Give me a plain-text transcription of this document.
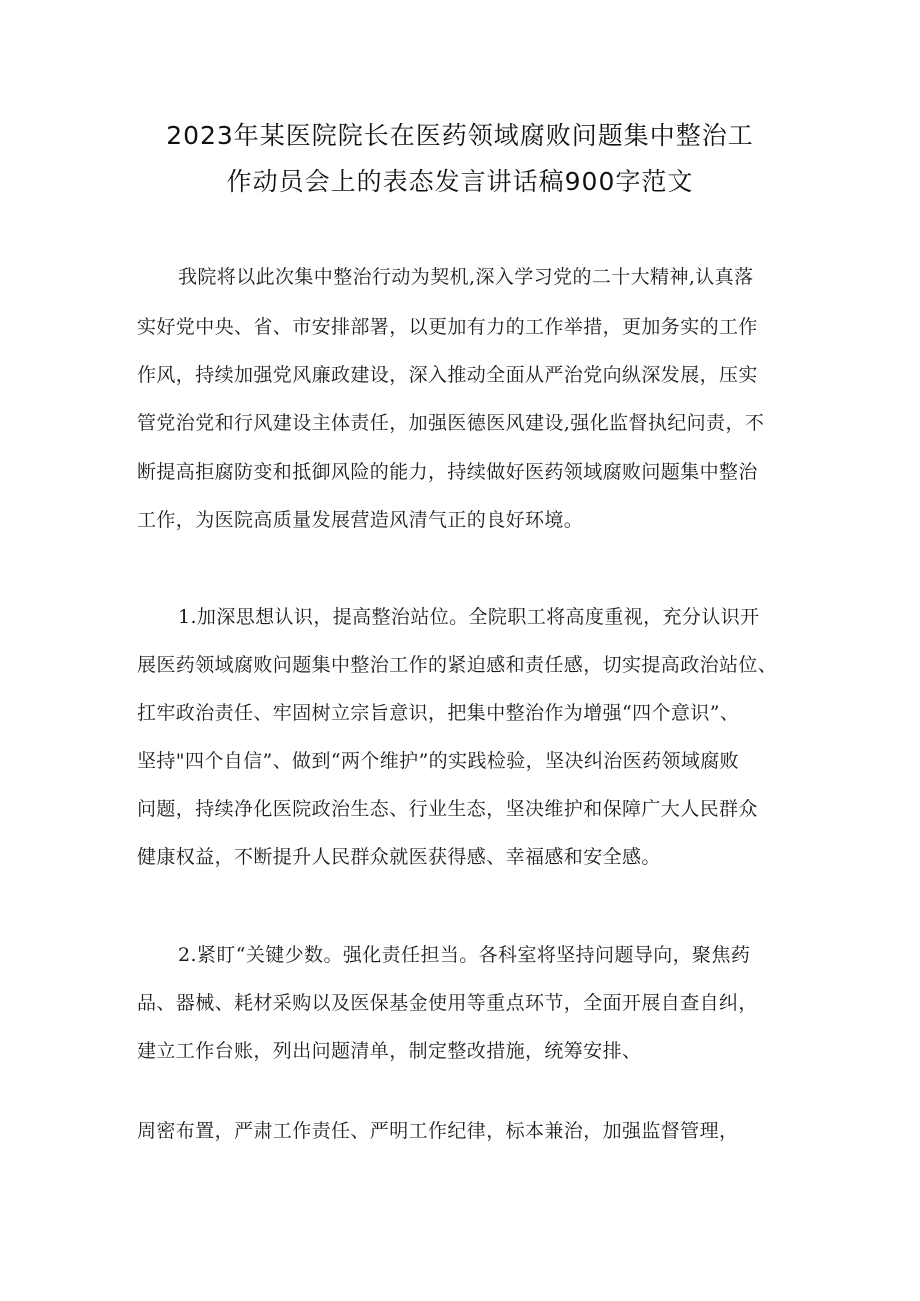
2023年某医院院长在医药领域腐败问题集中整治工
作动员会上的表态发言讲话稿900字范文
我院将以此次集中整治行动为契机,深入学习党的二十大精神,认真落
实好党中央、省、市安排部署，以更加有力的工作举措，更加务实的工作
作风，持续加强党风廉政建设，深入推动全面从严治党向纵深发展，压实
管党治党和行风建设主体责任，加强医德医风建设,强化监督执纪问责，不
断提高拒腐防变和抵御风险的能力，持续做好医药领域腐败问题集中整治
工作，为医院高质量发展营造风清气正的良好环境。
1.加深思想认识，提高整治站位。全院职工将高度重视，充分认识开
展医药领域腐败问题集中整治工作的紧迫感和责任感，切实提高政治站位、
扛牢政治责任、牢固树立宗旨意识，把集中整治作为增强“四个意识”、
坚持"四个自信”、做到“两个维护”的实践检验，坚决纠治医药领域腐败
问题，持续净化医院政治生态、行业生态，坚决维护和保障广大人民群众
健康权益，不断提升人民群众就医获得感、幸福感和安全感。
2.紧盯“关键少数。强化责任担当。各科室将坚持问题导向，聚焦药
品、器械、耗材采购以及医保基金使用等重点环节，全面开展自查自纠，
建立工作台账，列出问题清单，制定整改措施，统筹安排、
周密布置，严肃工作责任、严明工作纪律，标本兼治，加强监督管理，
